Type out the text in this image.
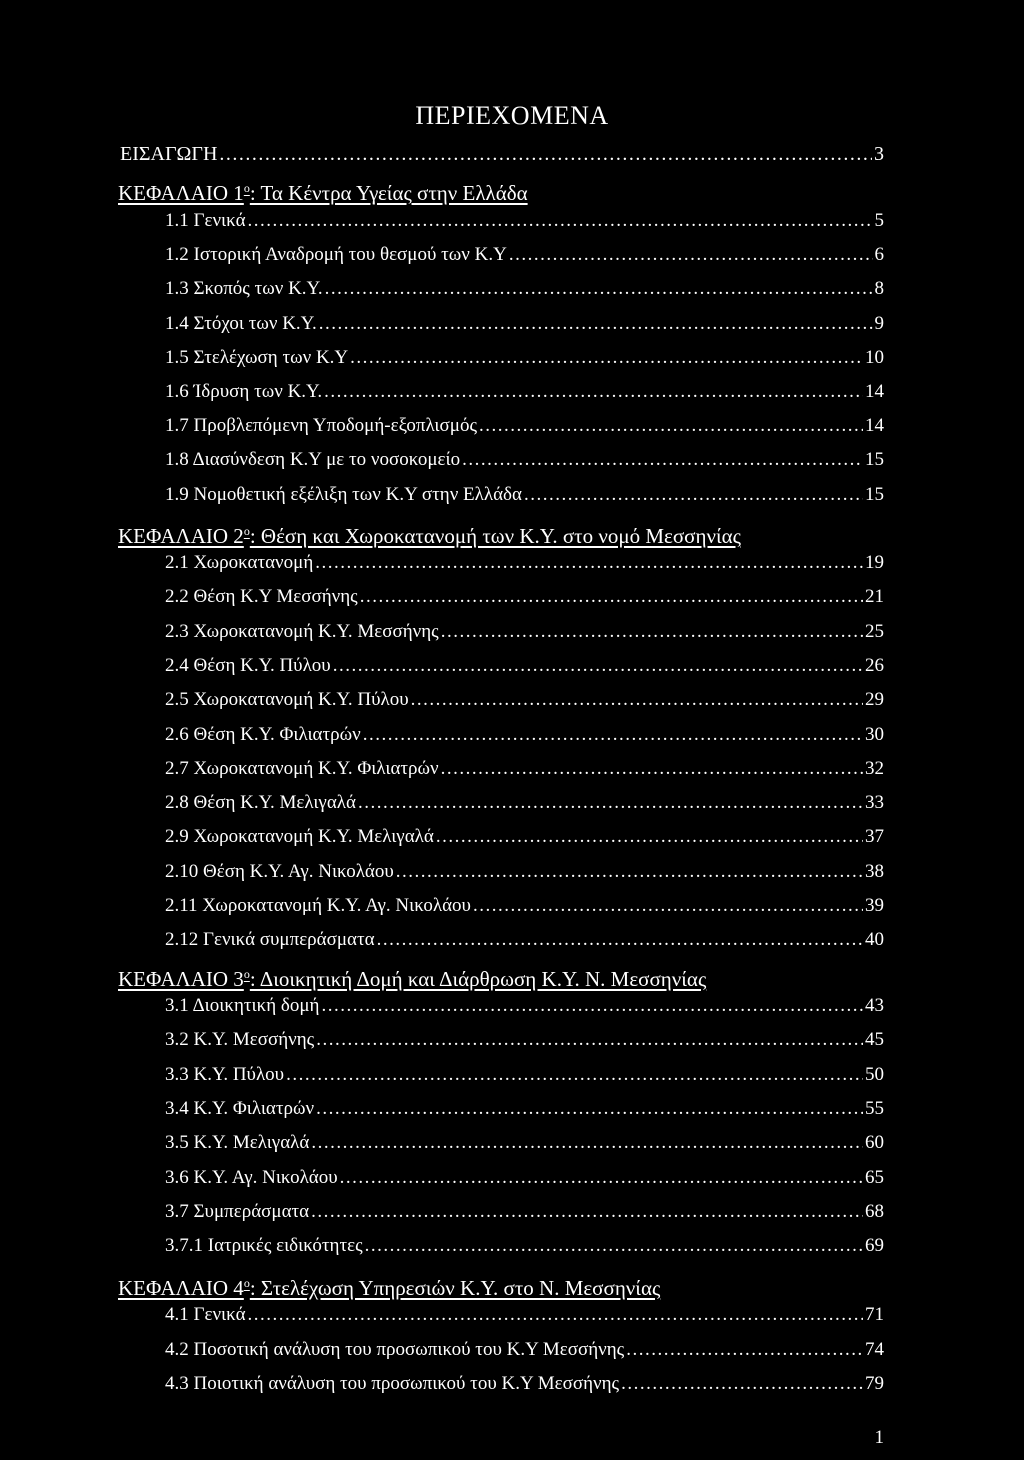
ΠΕΡΙΕΧΟΜΕΝΑ
ΕΙΣΑΓΩΓΗ .....	3
ΚΕΦΑΛΑΙΟ $1^o$: Τα Κέντρα Υγείας στην Ελλάδα
1.1 Γενικά .....	5
1.2 Ιστορική Αναδρομή του θεσμού των Κ.Υ .....	6
1.3 Σκοπός των Κ.Υ. .....	8
1.4 Στόχοι των Κ.Υ. .....	9
1.5 Στελέχωση των Κ.Υ .....	10
1.6 Ίδρυση των Κ.Υ. .....	14
1.7 Προβλεπόμενη Υποδομή-εξοπλισμός .....	14
1.8 Διασύνδεση Κ.Υ με το νοσοκομείο .....	15
1.9 Νομοθετική εξέλιξη των Κ.Υ στην Ελλάδα .....	15
ΚΕΦΑΛΑΙΟ $2^o$: Θέση και Χωροκατανομή των Κ.Υ. στο νομό Μεσσηνίας
2.1 Χωροκατανομή .....	19
2.2 Θέση Κ.Υ Μεσσήνης .....	21
2.3 Χωροκατανομή Κ.Υ. Μεσσήνης .....	25
2.4 Θέση Κ.Υ. Πύλου .....	26
2.5 Χωροκατανομή Κ.Υ. Πύλου .....	29
2.6 Θέση Κ.Υ. Φιλιατρών .....	30
2.7 Χωροκατανομή Κ.Υ. Φιλιατρών .....	32
2.8 Θέση Κ.Υ. Μελιγαλά .....	33
2.9 Χωροκατανομή Κ.Υ. Μελιγαλά .....	37
2.10 Θέση Κ.Υ. Αγ. Νικολάου .....	38
2.11 Χωροκατανομή Κ.Υ. Αγ. Νικολάου .....	39
2.12 Γενικά συμπεράσματα .....	40
ΚΕΦΑΛΑΙΟ $3^o$: Διοικητική Δομή και Διάρθρωση Κ.Υ. Ν. Μεσσηνίας
3.1 Διοικητική δομή .....	43
3.2 Κ.Υ. Μεσσήνης .....	45
3.3 Κ.Υ. Πύλου .....	50
3.4 Κ.Υ. Φιλιατρών .....	55
3.5 Κ.Υ. Μελιγαλά .....	60
3.6 Κ.Υ. Αγ. Νικολάου .....	65
3.7 Συμπεράσματα .....	68
3.7.1 Ιατρικές ειδικότητες .....	69
ΚΕΦΑΛΑΙΟ $4^o$: Στελέχωση Υπηρεσιών Κ.Υ. στο Ν. Μεσσηνίας
4.1 Γενικά .....	71
4.2 Ποσοτική ανάλυση του προσωπικού του Κ.Υ Μεσσήνης .....	74
4.3 Ποιοτική ανάλυση του προσωπικού του Κ.Υ Μεσσήνης .....	79
1
